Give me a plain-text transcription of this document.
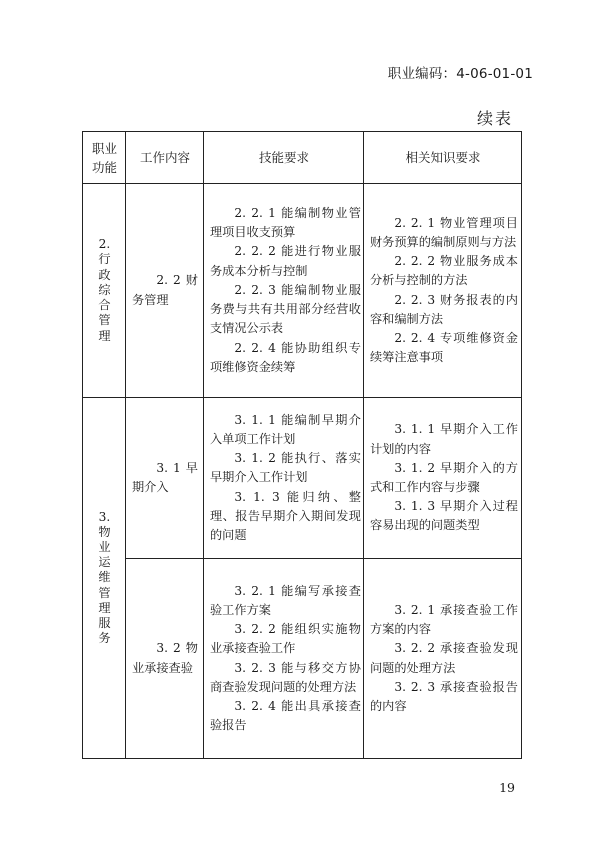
职业编码：4-06-01-01
续表
职业
功能
工作内容	技能要求	相关知识要求
2.
行政综合管理

2. 2 财务管理

2. 2. 1 能编制物业管理项目收支预算

2. 2. 2 能进行物业服务成本分析与控制

2. 2. 3 能编制物业服务费与共有共用部分经营收支情况公示表

2. 2. 4 能协助组织专项维修资金续筹

2. 2. 1 物业管理项目财务预算的编制原则与方法

2. 2. 2 物业服务成本分析与控制的方法

2. 2. 3 财务报表的内容和编制方法

2. 2. 4 专项维修资金续筹注意事项

3.
物业运维管理服务

3. 1 早期介入

3. 1. 1 能编制早期介入单项工作计划

3. 1. 2 能执行、落实早期介入工作计划

3. 1. 3 能归纳、整理、报告早期介入期间发现的问题

3. 1. 1 早期介入工作计划的内容

3. 1. 2 早期介入的方式和工作内容与步骤

3. 1. 3 早期介入过程容易出现的问题类型

3. 2 物业承接查验

3. 2. 1 能编写承接查验工作方案

3. 2. 2 能组织实施物业承接查验工作

3. 2. 3 能与移交方协商查验发现问题的处理方法

3. 2. 4 能出具承接查验报告

3. 2. 1 承接查验工作方案的内容

3. 2. 2 承接查验发现问题的处理方法

3. 2. 3 承接查验报告的内容

19
